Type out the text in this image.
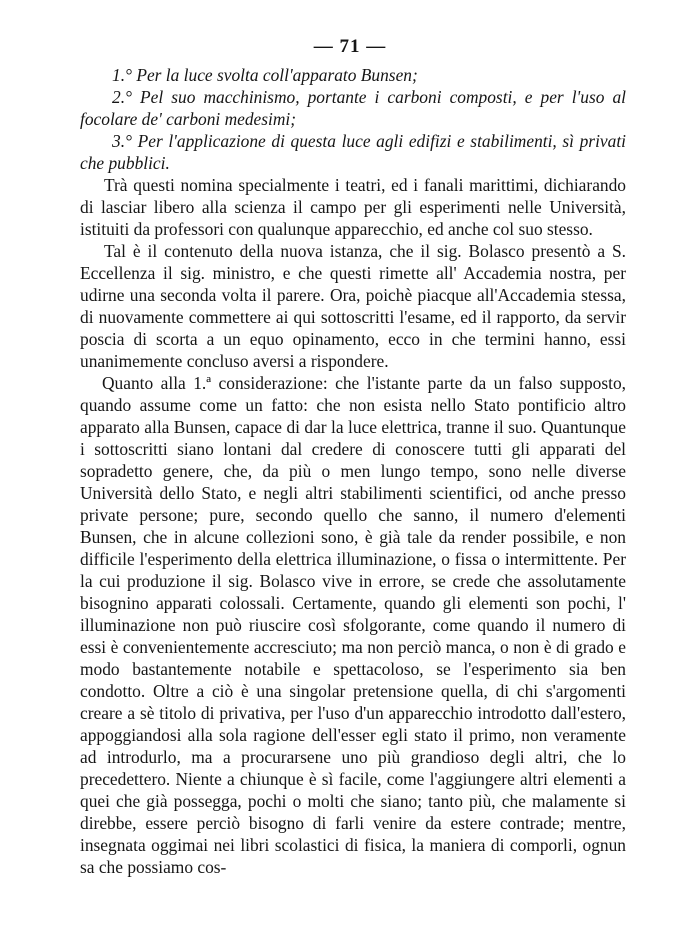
— 71 —

1.° Per la luce svolta coll'apparato Bunsen;

2.° Pel suo macchinismo, portante i carboni composti, e per l'uso al focolare de' carboni medesimi;

3.° Per l'applicazione di questa luce agli edifizi e stabilimenti, sì privati che pubblici.

Trà questi nomina specialmente i teatri, ed i fanali marittimi, dichiarando di lasciar libero alla scienza il campo per gli esperimenti nelle Università, istituiti da professori con qualunque apparecchio, ed anche col suo stesso.

Tal è il contenuto della nuova istanza, che il sig. Bolasco presentò a S. Eccellenza il sig. ministro, e che questi rimette all' Accademia nostra, per udirne una seconda volta il parere. Ora, poichè piacque all'Accademia stessa, di nuovamente commettere ai qui sottoscritti l'esame, ed il rapporto, da servir poscia di scorta a un equo opinamento, ecco in che termini hanno, essi unanimemente concluso aversi a rispondere.

Quanto alla 1.ª considerazione: che l'istante parte da un falso supposto, quando assume come un fatto: che non esista nello Stato pontificio altro apparato alla Bunsen, capace di dar la luce elettrica, tranne il suo. Quantunque i sottoscritti siano lontani dal credere di conoscere tutti gli apparati del sopradetto genere, che, da più o men lungo tempo, sono nelle diverse Università dello Stato, e negli altri stabilimenti scientifici, od anche presso private persone; pure, secondo quello che sanno, il numero d'elementi Bunsen, che in alcune collezioni sono, è già tale da render possibile, e non difficile l'esperimento della elettrica illuminazione, o fissa o intermittente. Per la cui produzione il sig. Bolasco vive in errore, se crede che assolutamente bisognino apparati colossali. Certamente, quando gli elementi son pochi, l' illuminazione non può riuscire così sfolgorante, come quando il numero di essi è convenientemente accresciuto; ma non perciò manca, o non è di grado e modo bastantemente notabile e spettacoloso, se l'esperimento sia ben condotto. Oltre a ciò è una singolar pretensione quella, di chi s'argomenti creare a sè titolo di privativa, per l'uso d'un apparecchio introdotto dall'estero, appoggiandosi alla sola ragione dell'esser egli stato il primo, non veramente ad introdurlo, ma a procurarsene uno più grandioso degli altri, che lo precedettero. Niente a chiunque è sì facile, come l'aggiungere altri elementi a quei che già possegga, pochi o molti che siano; tanto più, che malamente si direbbe, essere perciò bisogno di farli venire da estere contrade; mentre, insegnata oggimai nei libri scolastici di fisica, la maniera di comporli, ognun sa che possiamo cos-
